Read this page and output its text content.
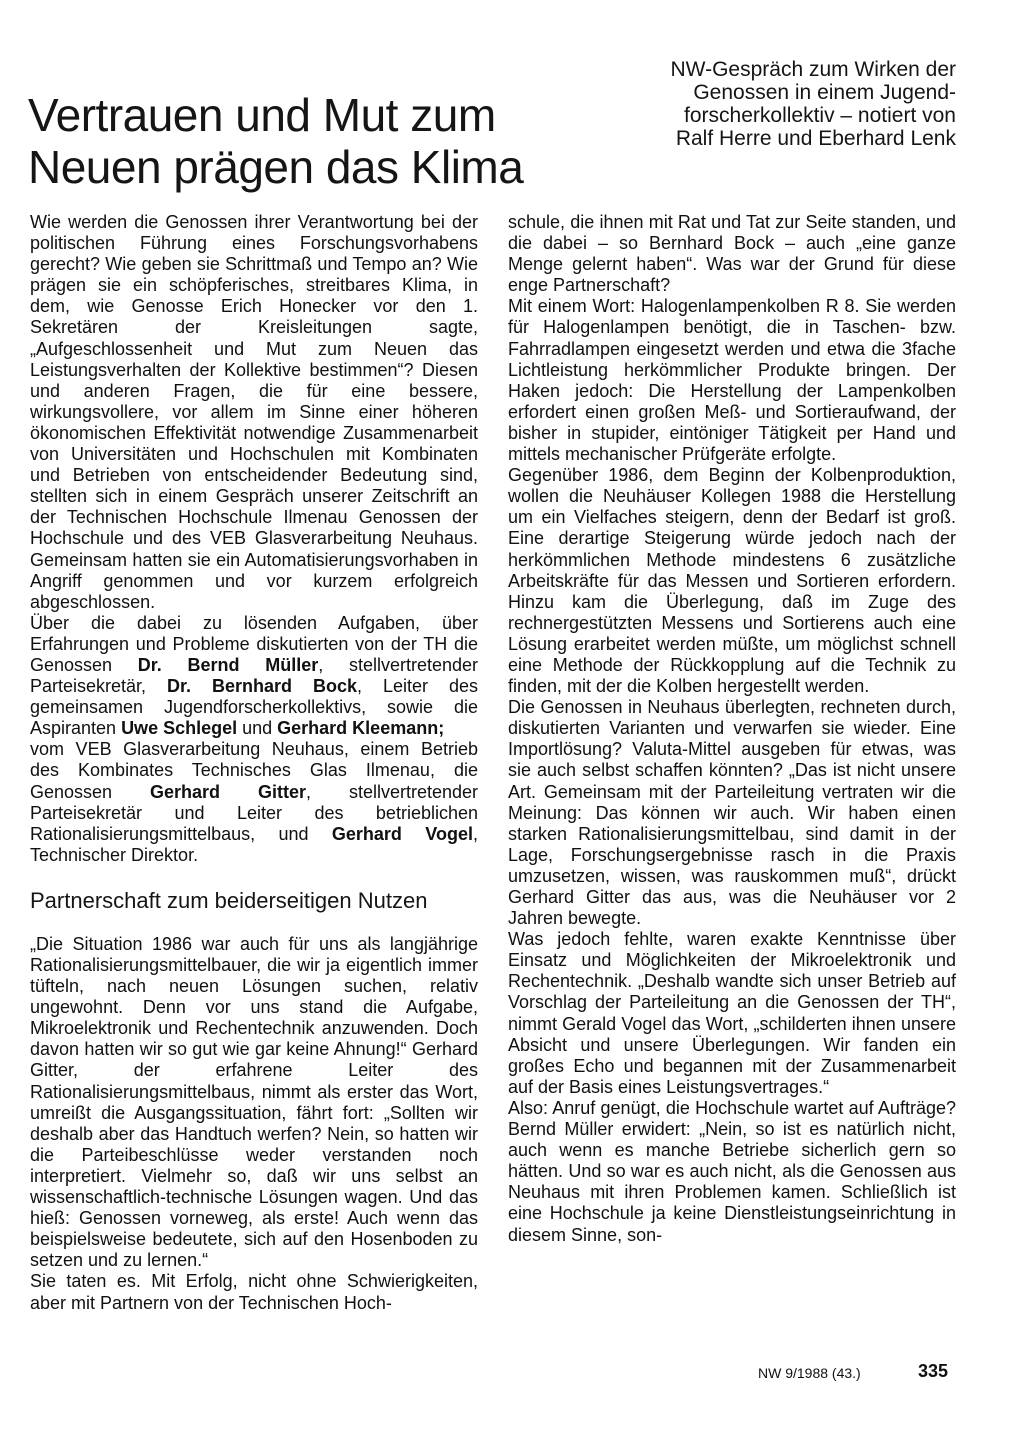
Vertrauen und Mut zum
Neuen prägen das Klima
NW-Gespräch zum Wirken der
Genossen in einem Jugend-
forscherkollektiv – notiert von
Ralf Herre und Eberhard Lenk

Wie werden die Genossen ihrer Verantwortung bei der politischen Führung eines Forschungsvorhabens gerecht? Wie geben sie Schrittmaß und Tempo an? Wie prägen sie ein schöpferisches, streitbares Klima, in dem, wie Genosse Erich Honecker vor den 1. Sekretären der Kreisleitungen sagte, „Aufgeschlossenheit und Mut zum Neuen das Leistungsverhalten der Kollektive bestimmen“? Diesen und anderen Fragen, die für eine bessere, wirkungsvollere, vor allem im Sinne einer höheren ökonomischen Effektivität notwendige Zusammenarbeit von Universitäten und Hochschulen mit Kombinaten und Betrieben von entscheidender Bedeutung sind, stellten sich in einem Gespräch unserer Zeitschrift an der Technischen Hochschule Ilmenau Genossen der Hochschule und des VEB Glasverarbeitung Neuhaus. Gemeinsam hatten sie ein Automatisierungsvorhaben in Angriff genommen und vor kurzem erfolgreich abgeschlossen.

Über die dabei zu lösenden Aufgaben, über Erfahrungen und Probleme diskutierten von der TH die Genossen Dr. Bernd Müller, stellvertretender Parteisekretär, Dr. Bernhard Bock, Leiter des gemeinsamen Jugendforscherkollektivs, sowie die Aspiranten Uwe Schlegel und Gerhard Kleemann;

vom VEB Glasverarbeitung Neuhaus, einem Betrieb des Kombinates Technisches Glas Ilmenau, die Genossen Gerhard Gitter, stellvertretender Parteisekretär und Leiter des betrieblichen Rationalisierungsmittelbaus, und Gerhard Vogel, Technischer Direktor.

Partnerschaft zum beiderseitigen Nutzen

„Die Situation 1986 war auch für uns als langjährige Rationalisierungsmittelbauer, die wir ja eigentlich immer tüfteln, nach neuen Lösungen suchen, relativ ungewohnt. Denn vor uns stand die Aufgabe, Mikroelektronik und Rechentechnik anzuwenden. Doch davon hatten wir so gut wie gar keine Ahnung!“ Gerhard Gitter, der erfahrene Leiter des Rationalisierungsmittelbaus, nimmt als erster das Wort, umreißt die Ausgangssituation, fährt fort: „Sollten wir deshalb aber das Handtuch werfen? Nein, so hatten wir die Parteibeschlüsse weder verstanden noch interpretiert. Vielmehr so, daß wir uns selbst an wissenschaftlich-technische Lösungen wagen. Und das hieß: Genossen vorneweg, als erste! Auch wenn das beispielsweise bedeutete, sich auf den Hosenboden zu setzen und zu lernen.“

Sie taten es. Mit Erfolg, nicht ohne Schwierigkeiten, aber mit Partnern von der Technischen Hoch-

schule, die ihnen mit Rat und Tat zur Seite standen, und die dabei – so Bernhard Bock – auch „eine ganze Menge gelernt haben“. Was war der Grund für diese enge Partnerschaft?

Mit einem Wort: Halogenlampenkolben R 8. Sie werden für Halogenlampen benötigt, die in Taschen- bzw. Fahrradlampen eingesetzt werden und etwa die 3fache Lichtleistung herkömmlicher Produkte bringen. Der Haken jedoch: Die Herstellung der Lampenkolben erfordert einen großen Meß- und Sortieraufwand, der bisher in stupider, eintöniger Tätigkeit per Hand und mittels mechanischer Prüfgeräte erfolgte.

Gegenüber 1986, dem Beginn der Kolbenproduktion, wollen die Neuhäuser Kollegen 1988 die Herstellung um ein Vielfaches steigern, denn der Bedarf ist groß. Eine derartige Steigerung würde jedoch nach der herkömmlichen Methode mindestens 6 zusätzliche Arbeitskräfte für das Messen und Sortieren erfordern. Hinzu kam die Überlegung, daß im Zuge des rechnergestützten Messens und Sortierens auch eine Lösung erarbeitet werden müßte, um möglichst schnell eine Methode der Rückkopplung auf die Technik zu finden, mit der die Kolben hergestellt werden.

Die Genossen in Neuhaus überlegten, rechneten durch, diskutierten Varianten und verwarfen sie wieder. Eine Importlösung? Valuta-Mittel ausgeben für etwas, was sie auch selbst schaffen könnten? „Das ist nicht unsere Art. Gemeinsam mit der Parteileitung vertraten wir die Meinung: Das können wir auch. Wir haben einen starken Rationalisierungsmittelbau, sind damit in der Lage, Forschungsergebnisse rasch in die Praxis umzusetzen, wissen, was rauskommen muß“, drückt Gerhard Gitter das aus, was die Neuhäuser vor 2 Jahren bewegte.

Was jedoch fehlte, waren exakte Kenntnisse über Einsatz und Möglichkeiten der Mikroelektronik und Rechentechnik. „Deshalb wandte sich unser Betrieb auf Vorschlag der Parteileitung an die Genossen der TH“, nimmt Gerald Vogel das Wort, „schilderten ihnen unsere Absicht und unsere Überlegungen. Wir fanden ein großes Echo und begannen mit der Zusammenarbeit auf der Basis eines Leistungsvertrages.“

Also: Anruf genügt, die Hochschule wartet auf Aufträge? Bernd Müller erwidert: „Nein, so ist es natürlich nicht, auch wenn es manche Betriebe sicherlich gern so hätten. Und so war es auch nicht, als die Genossen aus Neuhaus mit ihren Problemen kamen. Schließlich ist eine Hochschule ja keine Dienstleistungseinrichtung in diesem Sinne, son-

NW 9/1988 (43.)	335
